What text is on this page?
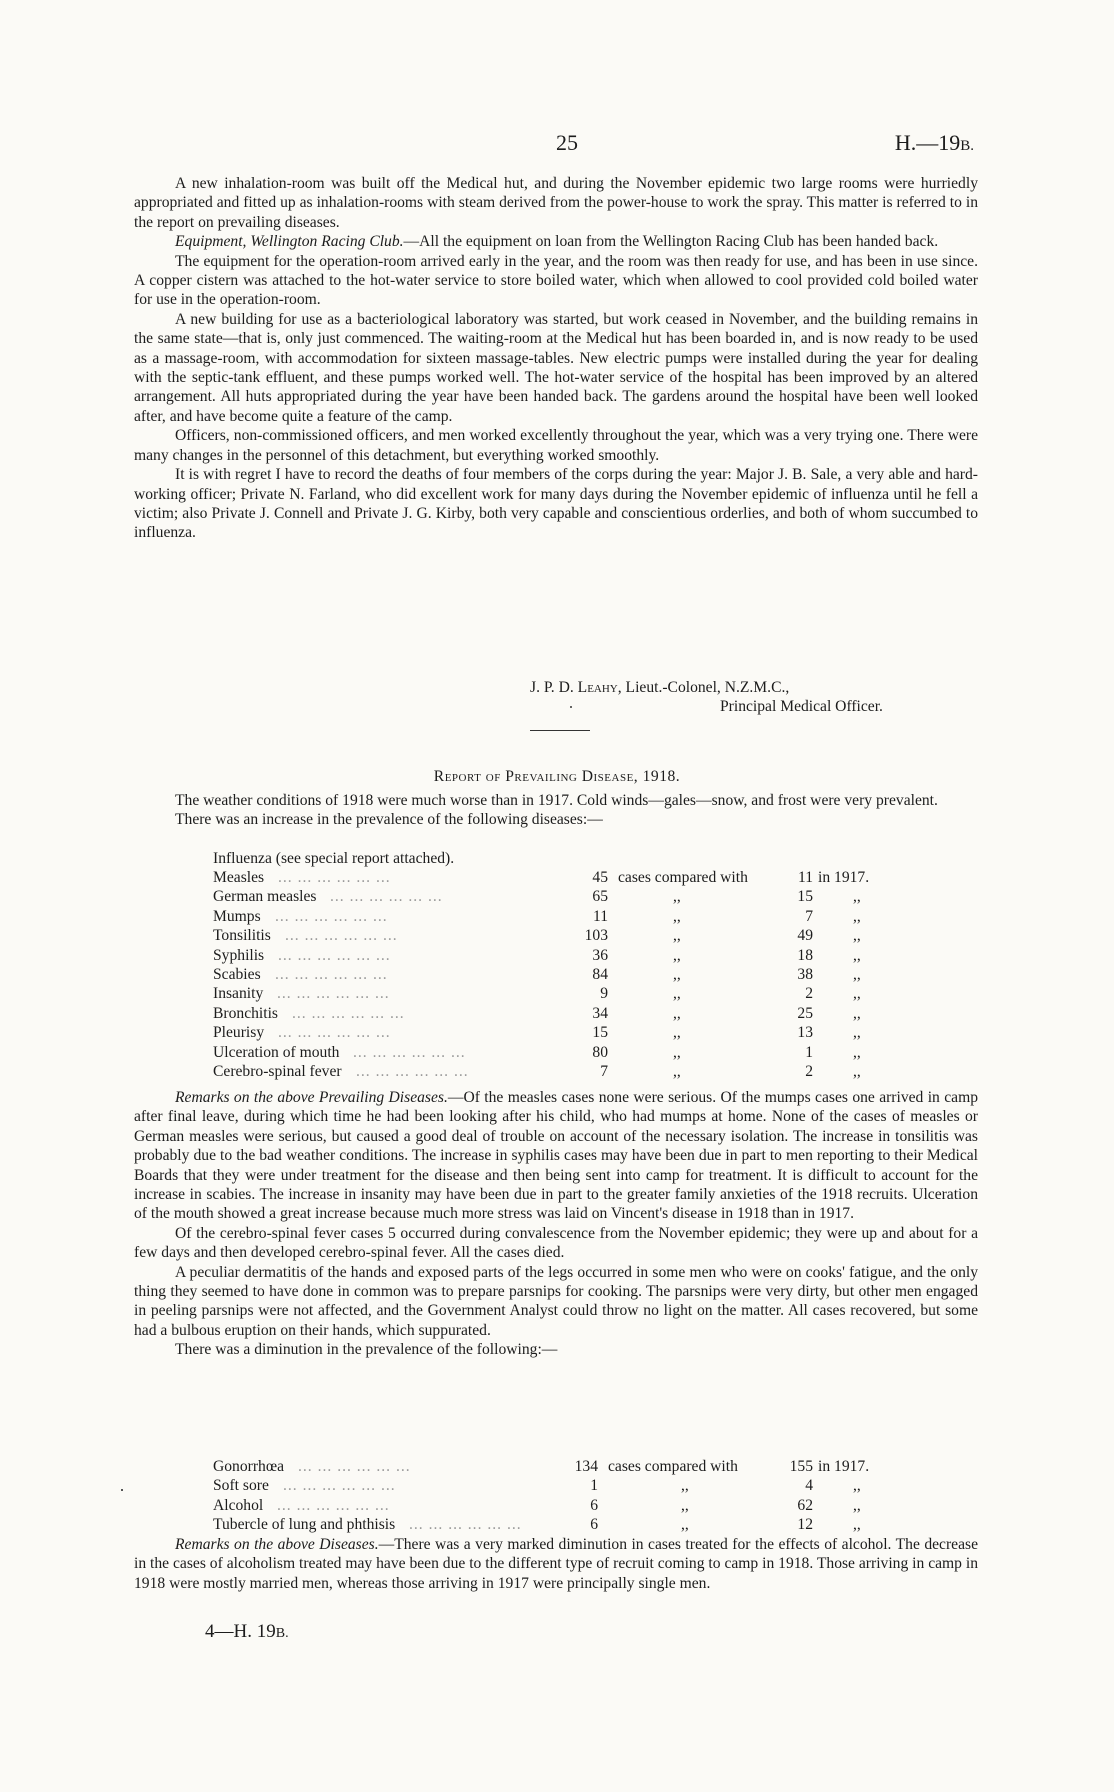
25	H.—19B.

A new inhalation-room was built off the Medical hut, and during the November epidemic two large rooms were hurriedly appropriated and fitted up as inhalation-rooms with steam derived from the power-house to work the spray. This matter is referred to in the report on prevailing diseases.

Equipment, Wellington Racing Club.—All the equipment on loan from the Wellington Racing Club has been handed back.

The equipment for the operation-room arrived early in the year, and the room was then ready for use, and has been in use since. A copper cistern was attached to the hot-water service to store boiled water, which when allowed to cool provided cold boiled water for use in the operation-room.

A new building for use as a bacteriological laboratory was started, but work ceased in November, and the building remains in the same state—that is, only just commenced. The waiting-room at the Medical hut has been boarded in, and is now ready to be used as a massage-room, with accommodation for sixteen massage-tables. New electric pumps were installed during the year for dealing with the septic-tank effluent, and these pumps worked well. The hot-water service of the hospital has been improved by an altered arrangement. All huts appropriated during the year have been handed back. The gardens around the hospital have been well looked after, and have become quite a feature of the camp.

Officers, non-commissioned officers, and men worked excellently throughout the year, which was a very trying one. There were many changes in the personnel of this detachment, but everything worked smoothly.

It is with regret I have to record the deaths of four members of the corps during the year: Major J. B. Sale, a very able and hard-working officer; Private N. Farland, who did excellent work for many days during the November epidemic of influenza until he fell a victim; also Private J. Connell and Private J. G. Kirby, both very capable and conscientious orderlies, and both of whom succumbed to influenza.

J. P. D. Leahy, Lieut.-Colonel, N.Z.M.C.,

Principal Medical Officer.

Report of Prevailing Disease, 1918.

The weather conditions of 1918 were much worse than in 1917. Cold winds—gales—snow, and frost were very prevalent.

There was an increase in the prevalence of the following diseases:—

Influenza (see special report attached).
Measles	45 cases compared with	11 in 1917.
... ... ... ... ... ...
German measles	65	,,	15	,,
... ... ... ... ... ...
Mumps	11	,,	7	,,
... ... ... ... ... ...
Tonsilitis	103	,,	49	,,
... ... ... ... ... ...
Syphilis	36	,,	18	,,
... ... ... ... ... ...
Scabies	84	,,	38	,,
... ... ... ... ... ...
Insanity	9	,,	2	,,
... ... ... ... ... ...
Bronchitis	34	,,	25	,,
... ... ... ... ... ...
Pleurisy	15	,,	13	,,
... ... ... ... ... ...
Ulceration of mouth	80	,,	1	,,
... ... ... ... ... ...
Cerebro-spinal fever	7	,,	2	,,
... ... ... ... ... ...

Remarks on the above Prevailing Diseases.—Of the measles cases none were serious. Of the mumps cases one arrived in camp after final leave, during which time he had been looking after his child, who had mumps at home. None of the cases of measles or German measles were serious, but caused a good deal of trouble on account of the necessary isolation. The increase in tonsilitis was probably due to the bad weather conditions. The increase in syphilis cases may have been due in part to men reporting to their Medical Boards that they were under treatment for the disease and then being sent into camp for treatment. It is difficult to account for the increase in scabies. The increase in insanity may have been due in part to the greater family anxieties of the 1918 recruits. Ulceration of the mouth showed a great increase because much more stress was laid on Vincent's disease in 1918 than in 1917.

Of the cerebro-spinal fever cases 5 occurred during convalescence from the November epidemic; they were up and about for a few days and then developed cerebro-spinal fever. All the cases died.

A peculiar dermatitis of the hands and exposed parts of the legs occurred in some men who were on cooks' fatigue, and the only thing they seemed to have done in common was to prepare parsnips for cooking. The parsnips were very dirty, but other men engaged in peeling parsnips were not affected, and the Government Analyst could throw no light on the matter. All cases recovered, but some had a bulbous eruption on their hands, which suppurated.

There was a diminution in the prevalence of the following:—

Gonorrhœa	134 cases compared with	155 in 1917.
... ... ... ... ... ...
Soft sore	1	,,	4	,,
... ... ... ... ... ...
Alcohol	6	,,	62	,,
... ... ... ... ... ...
Tubercle of lung and phthisis	6	,,	12	,,
... ... ... ... ... ...

Remarks on the above Diseases.—There was a very marked diminution in cases treated for the effects of alcohol. The decrease in the cases of alcoholism treated may have been due to the different type of recruit coming to camp in 1918. Those arriving in camp in 1918 were mostly married men, whereas those arriving in 1917 were principally single men.

4—H. 19B.
